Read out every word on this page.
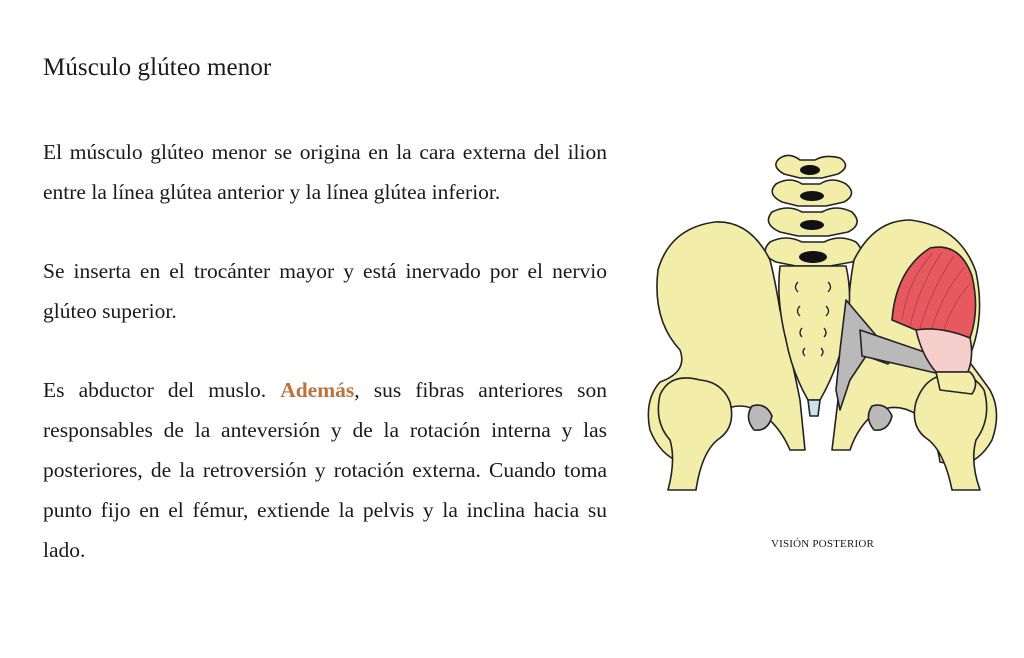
Músculo glúteo menor

El músculo glúteo menor se origina en la cara externa del ilion entre la línea glútea anterior y la línea glútea inferior.

Se inserta en el trocánter mayor y está inervado por el nervio glúteo superior.

Es abductor del muslo. Además, sus fibras anteriores son responsables de la anteversión y de la rotación interna y las posteriores, de la retroversión y rotación externa. Cuando toma punto fijo en el fémur, extiende la pelvis y la inclina hacia su lado.	VISIÓN POSTERIOR
